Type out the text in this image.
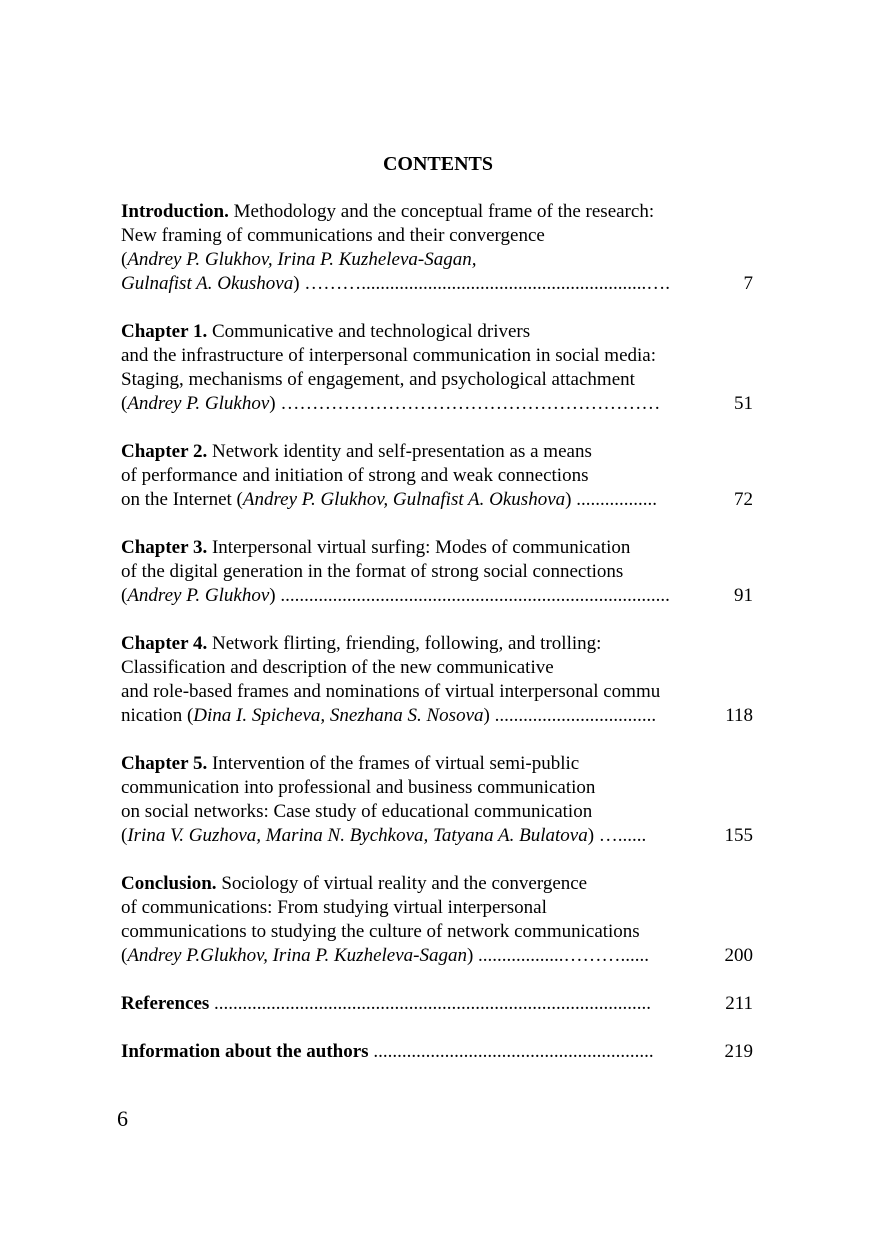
CONTENTS
Introduction. Methodology and the conceptual frame of the research:
New framing of communications and their convergence
(Andrey P. Glukhov, Irina P. Kuzheleva-Sagan,
Gulnafist A. Okushova) ………............................................................….	7
Chapter 1. Communicative and technological drivers
and the infrastructure of interpersonal communication in social media:
Staging, mechanisms of engagement, and psychological attachment
(Andrey P. Glukhov) ……………………………………………………	51
Chapter 2. Network identity and self-presentation as a means
of performance and initiation of strong and weak connections
on the Internet (Andrey P. Glukhov, Gulnafist A. Okushova) .................	72
Chapter 3. Interpersonal virtual surfing: Modes of communication
of the digital generation in the format of strong social connections
(Andrey P. Glukhov) ..................................................................................	91
Chapter 4. Network flirting, friending, following, and trolling:
Classification and description of the new communicative
and role-based frames and nominations of virtual interpersonal commu
nication (Dina I. Spicheva, Snezhana S. Nosova) ..................................	118
Chapter 5. Intervention of the frames of virtual semi-public
communication into professional and business communication
on social networks: Case study of educational communication
(Irina V. Guzhova, Marina N. Bychkova, Tatyana A. Bulatova) …......	155
Conclusion. Sociology of virtual reality and the convergence
of communications: From studying virtual interpersonal
communications to studying the culture of network communications
(Andrey P.Glukhov, Irina P. Kuzheleva-Sagan) ..................………......	200
References ............................................................................................	211
Information about the authors ...........................................................	219
6
